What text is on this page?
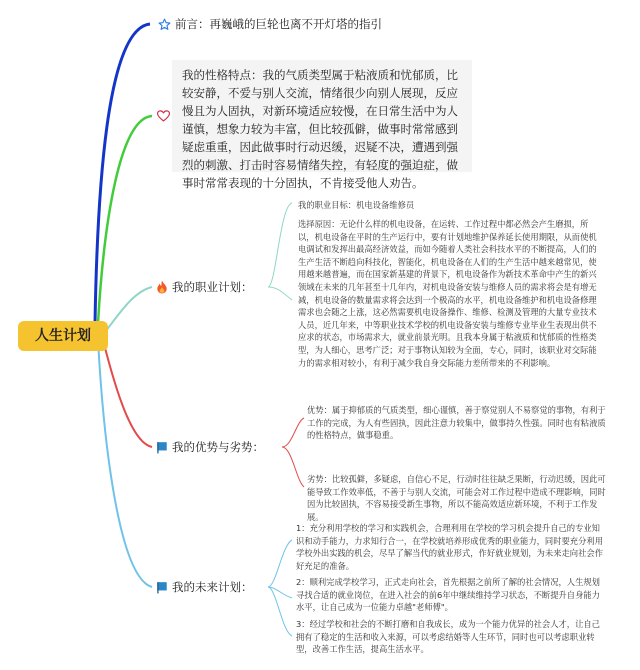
人生计划
前言：再巍峨的巨轮也离不开灯塔的指引
我的性格特点：我的气质类型属于粘液质和忧郁质，比较安静，不爱与别人交流，情绪很少向别人展现，反应慢且为人固执，对新环境适应较慢，在日常生活中为人谨慎，想象力较为丰富，但比较孤僻，做事时常常感到疑虑重重，因此做事时行动迟缓，迟疑不决，遭遇到强烈的刺激、打击时容易情绪失控，有轻度的强迫症，做事时常常表现的十分固执，不肯接受他人劝告。
我的职业计划：
我的职业目标：机电设备维修员
选择原因：无论什么样的机电设备，在运转、工作过程中都必然会产生磨损，所以，机电设备在平时的生产运行中，要有计划地维护保养延长使用期限，从而使机电调试和发挥出最高经济效益，而如今随着人类社会科技水平的不断提高，人们的生产生活不断趋向科技化，智能化，机电设备在人们的生产生活中越来越常见，使用越来越普遍，而在国家新基建的背景下，机电设备作为新技术革命中产生的新兴领域在未来的几年甚至十几年内，对机电设备安装与维修人员的需求将会是有增无减，机电设备的数量需求将会达到一个极高的水平，机电设备维护和机电设备修理需求也会随之上涨，这必然需要机电设备操作、维修、检测及管理的大量专业技术人员，近几年来，中等职业技术学校的机电设备安装与维修专业毕业生表现出供不应求的状态，市场需求大，就业前景光明。且我本身属于粘液质和忧郁质的性格类型，为人细心，思考广泛；对于事物认知较为全面，专心，同时，该职业对交际能力的需求相对较小，有利于减少我自身交际能力差所带来的不利影响。
我的优势与劣势：
优势：属于抑郁质的气质类型，细心谨慎，善于察觉别人不易察觉的事物，有利于工作的完成，为人有些固执，因此注意力较集中，做事持久性强。同时也有粘液质的性格特点，做事稳重。
劣势：比较孤僻，多疑虑，自信心不足，行动时往往缺乏果断，行动迟缓，因此可能导致工作效率低，不善于与别人交流，可能会对工作过程中造成不理影响，同时因为比较固执，不容易接受新生事物，所以不能高效适应新环境，不利于工作发展。
我的未来计划：
1：充分利用学校的学习和实践机会，合理利用在学校的学习机会提升自己的专业知识和动手能力，力求知行合一，在学校就培养形成优秀的职业能力，同时要充分利用学校外出实践的机会，尽早了解当代的就业形式，作好就业规划，为未来走向社会作好充足的准备。
2：顺利完成学校学习，正式走向社会，首先根据之前所了解的社会情况，人生规划寻找合适的就业岗位，在进入社会的前6年中继续维持学习状态，不断提升自身能力水平，让自己成为一位能力卓越"老师傅"。
3：经过学校和社会的不断打磨和自我成长，成为一个能力优异的社会人才，让自己拥有了稳定的生活和收入来源，可以考虑结婚等人生环节，同时也可以考虑职业转型，改善工作生活，提高生活水平。
